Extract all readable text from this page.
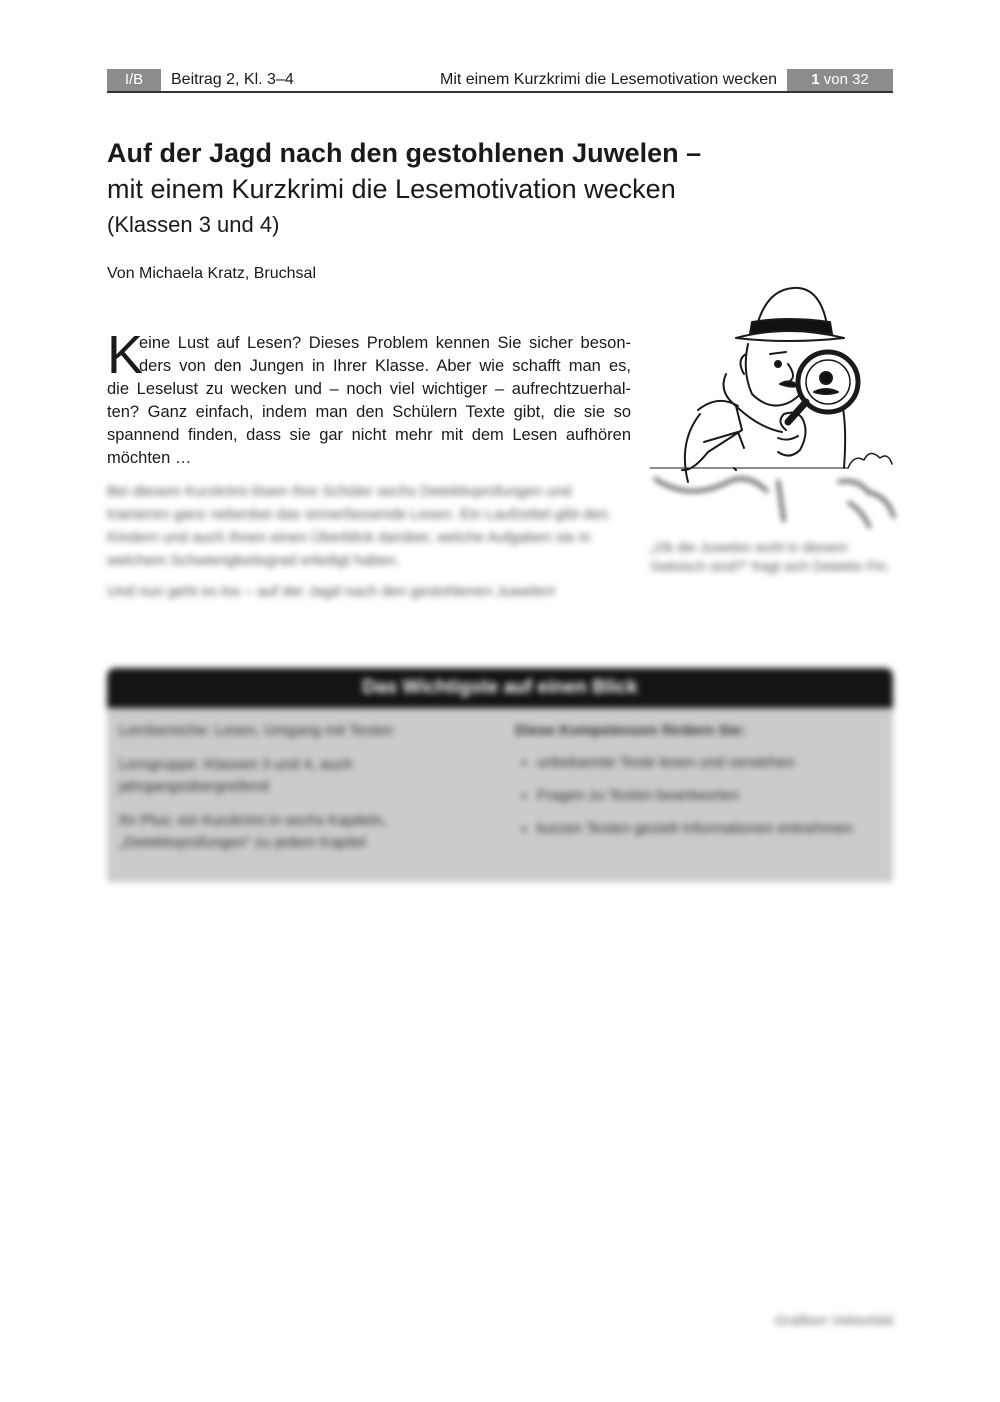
I/B	Beitrag 2, Kl. 3–4	Mit einem Kurzkrimi die Lesemotivation wecken	1 von 32
Auf der Jagd nach den gestohlenen Juwelen –
mit einem Kurzkrimi die Lesemotivation wecken
(Klassen 3 und 4)
Von Michaela Kratz, Bruchsal
K
eine Lust auf Lesen? Dieses Problem kennen Sie sicher beson-
ders von den Jungen in Ihrer Klasse. Aber wie schafft man es,
die Leselust zu wecken und – noch viel wichtiger – aufrechtzuerhal-
ten? Ganz einfach, indem man den Schülern Texte gibt, die sie so
spannend finden, dass sie gar nicht mehr mit dem Lesen aufhören
möchten …

Bei diesem Kurzkrimi lösen Ihre Schüler sechs Detektivprüfungen und trainieren ganz nebenbei das sinnerfassende Lesen. Ein Laufzettel gibt den Kindern und auch Ihnen einen Überblick darüber, welche Aufgaben sie in welchem Schwierigkeitsgrad erledigt haben.

Und nun geht es los – auf der Jagd nach den gestohlenen Juwelen!

„Ob die Juwelen wohl in diesem Gebüsch sind?“ fragt sich Detektiv Fin.
Das Wichtigste auf einen Blick

Lernbereiche: Lesen, Umgang mit Texten

Lerngruppe: Klassen 3 und 4, auch jahrgangsübergreifend

Ihr Plus: ein Kurzkrimi in sechs Kapiteln, „Detektivprüfungen“ zu jedem Kapitel

Diese Kompetenzen fördern Sie:
• unbekannte Texte lesen und verstehen
• Fragen zu Texten beantworten
• kurzen Texten gezielt Informationen entnehmen
Grafiken Vektorbild
